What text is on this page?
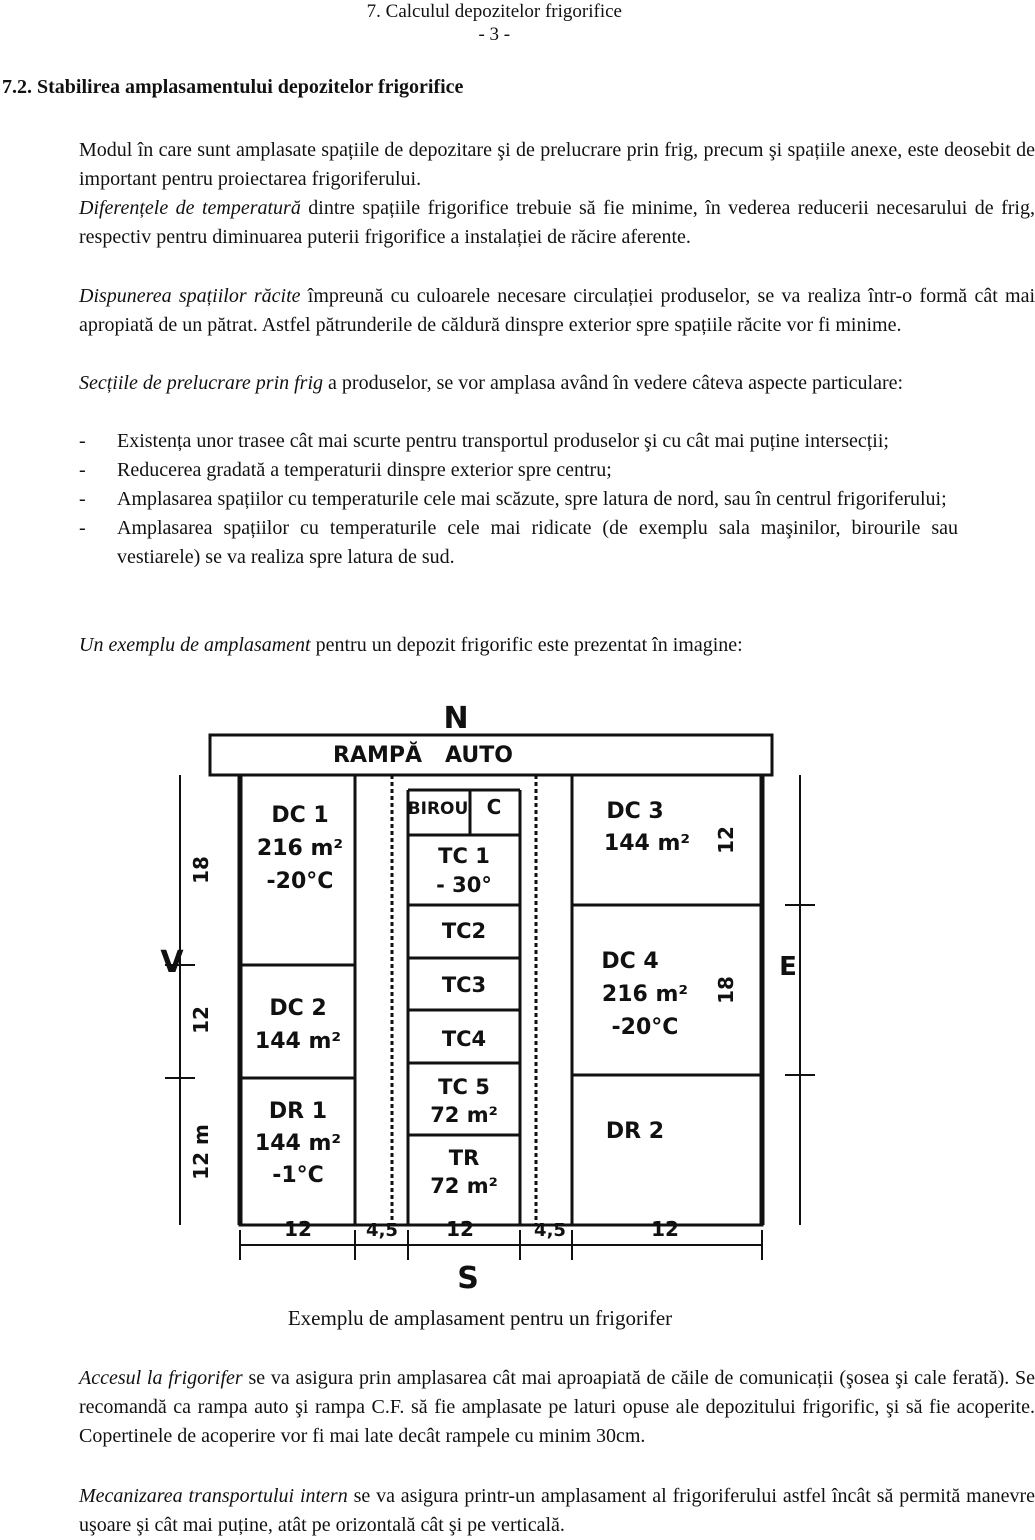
7. Calculul depozitelor frigorifice
- 3 -
7.2. Stabilirea amplasamentului depozitelor frigorifice
Modul în care sunt amplasate spațiile de depozitare şi de prelucrare prin frig, precum şi spațiile anexe, este deosebit de important pentru proiectarea frigoriferului.
Diferențele de temperatură dintre spațiile frigorifice trebuie să fie minime, în vederea reducerii necesarului de frig, respectiv pentru diminuarea puterii frigorifice a instalației de răcire aferente.
Dispunerea spațiilor răcite împreună cu culoarele necesare circulației produselor, se va realiza într-o formă cât mai apropiată de un pătrat. Astfel pătrunderile de căldură dinspre exterior spre spațiile răcite vor fi minime.
Secțiile de prelucrare prin frig a produselor, se vor amplasa având în vedere câteva aspecte particulare:
- Existența unor trasee cât mai scurte pentru transportul produselor şi cu cât mai puține intersecții;
- Reducerea gradată a temperaturii dinspre exterior spre centru;
- Amplasarea spațiilor cu temperaturile cele mai scăzute, spre latura de nord, sau în centrul frigoriferului;
- Amplasarea spațiilor cu temperaturile cele mai ridicate (de exemplu sala maşinilor, birourile sau vestiarele) se va realiza spre latura de sud.
Un exemplu de amplasament pentru un depozit frigorific este prezentat în imagine:
N
S
V	E
RAMPĂ   AUTO
DC 1
216 m²
-20°C
DC 2
144 m²
DR 1
144 m²
-1°C
BIROU C
TC 1
- 30°
TC2
TC3
TC4
TC 5
72 m²
TR
72 m²
DC 3
144 m²
DC 4
216 m²
-20°C
DR 2
18
12
12 m
12
18
12	4,5 12	4,5	12
Exemplu de amplasament pentru un frigorifer
Accesul la frigorifer se va asigura prin amplasarea cât mai aproapiată de căile de comunicații (şosea şi cale ferată). Se recomandă ca rampa auto şi rampa C.F. să fie amplasate pe laturi opuse ale depozitului frigorific, şi să fie acoperite. Copertinele de acoperire vor fi mai late decât rampele cu minim 30cm.
Mecanizarea transportului intern se va asigura printr-un amplasament al frigoriferului astfel încât să permită manevre uşoare şi cât mai puține, atât pe orizontală cât şi pe verticală.
